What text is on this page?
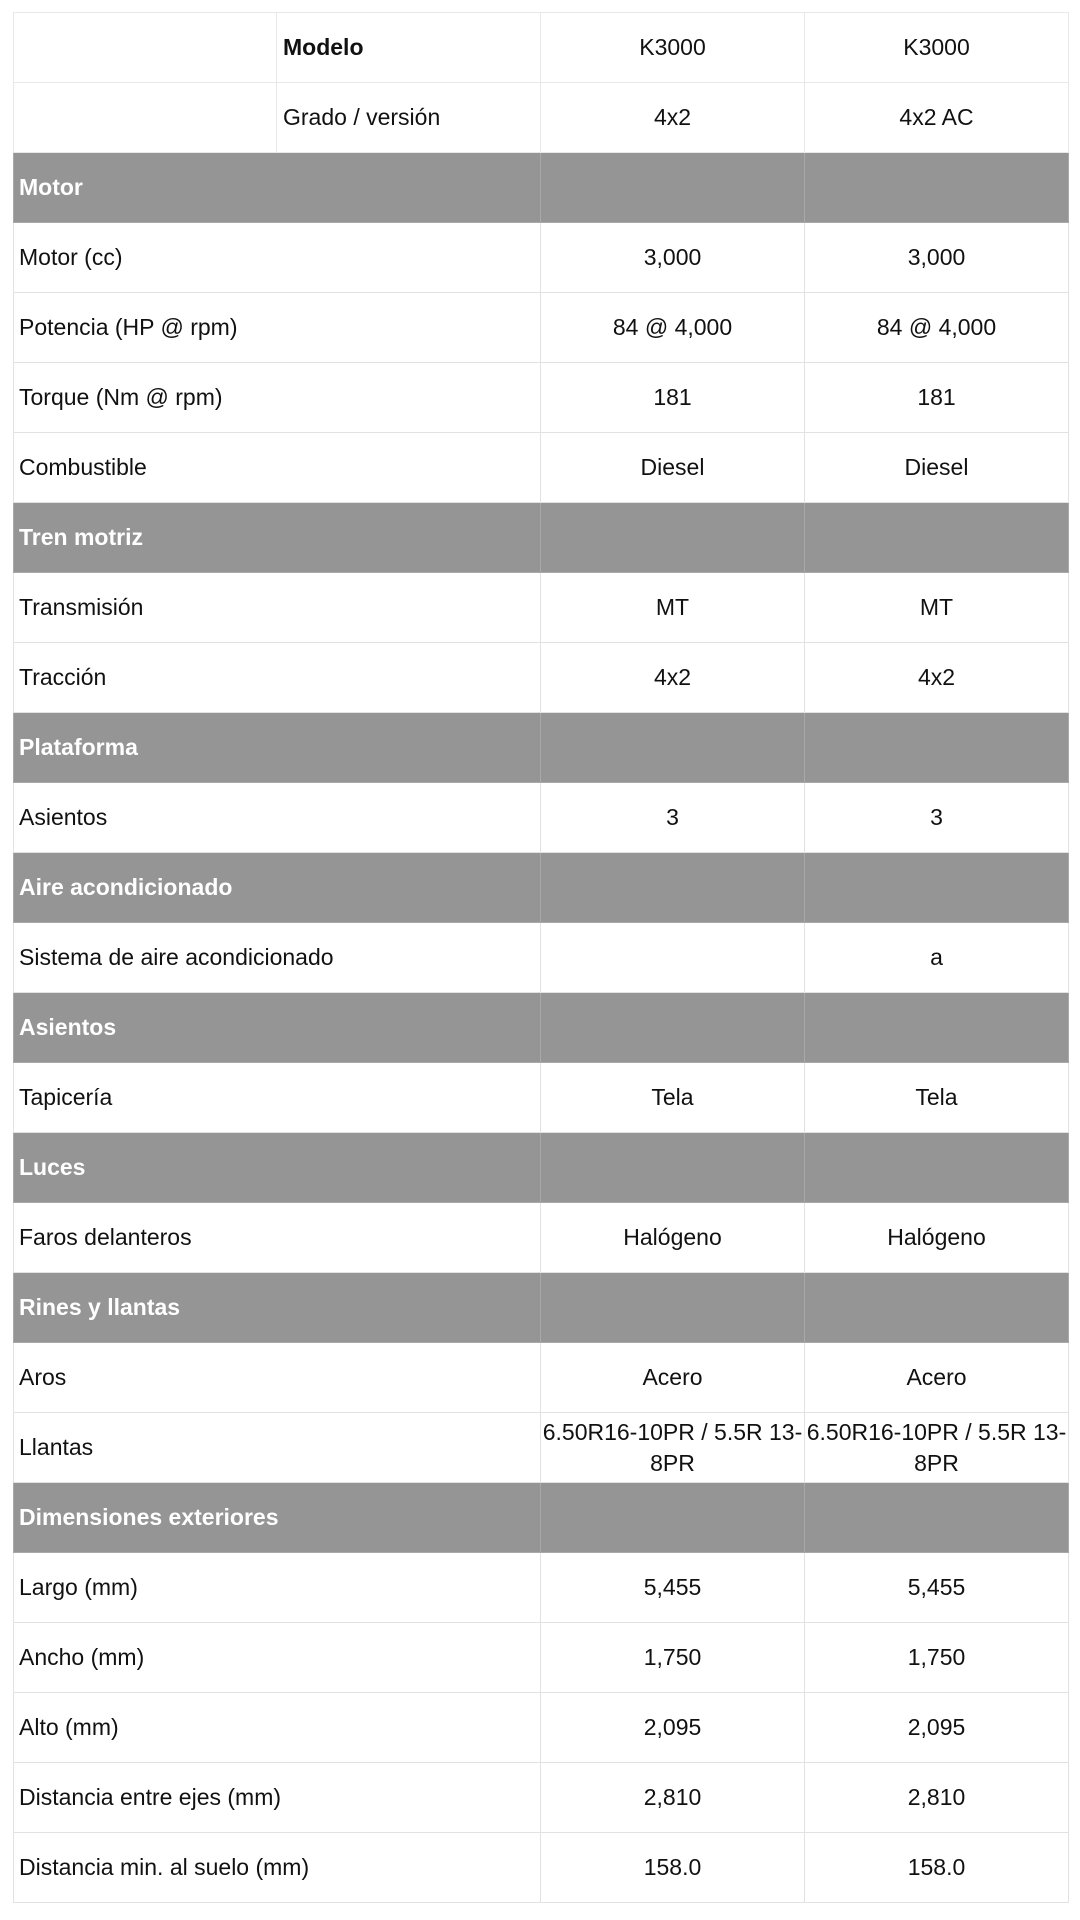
	Modelo	K3000	K3000
	Grado / versión	4x2	4x2 AC
Motor			
Motor (cc)		3,000	3,000
Potencia (HP @ rpm)		84 @ 4,000	84 @ 4,000
Torque (Nm @ rpm)		181	181
Combustible		Diesel	Diesel
Tren motriz			
Transmisión		MT	MT
Tracción		4x2	4x2
Plataforma			
Asientos		3	3
Aire acondicionado			
Sistema de aire acondicionado			a
Asientos			
Tapicería		Tela	Tela
Luces			
Faros delanteros		Halógeno	Halógeno
Rines y llantas			
Aros		Acero	Acero
Llantas		6.50R16-10PR / 5.5R 13-8PR	6.50R16-10PR / 5.5R 13-8PR
Dimensiones exteriores			
Largo (mm)		5,455	5,455
Ancho (mm)		1,750	1,750
Alto (mm)		2,095	2,095
Distancia entre ejes (mm)		2,810	2,810
Distancia min. al suelo (mm)		158.0	158.0
